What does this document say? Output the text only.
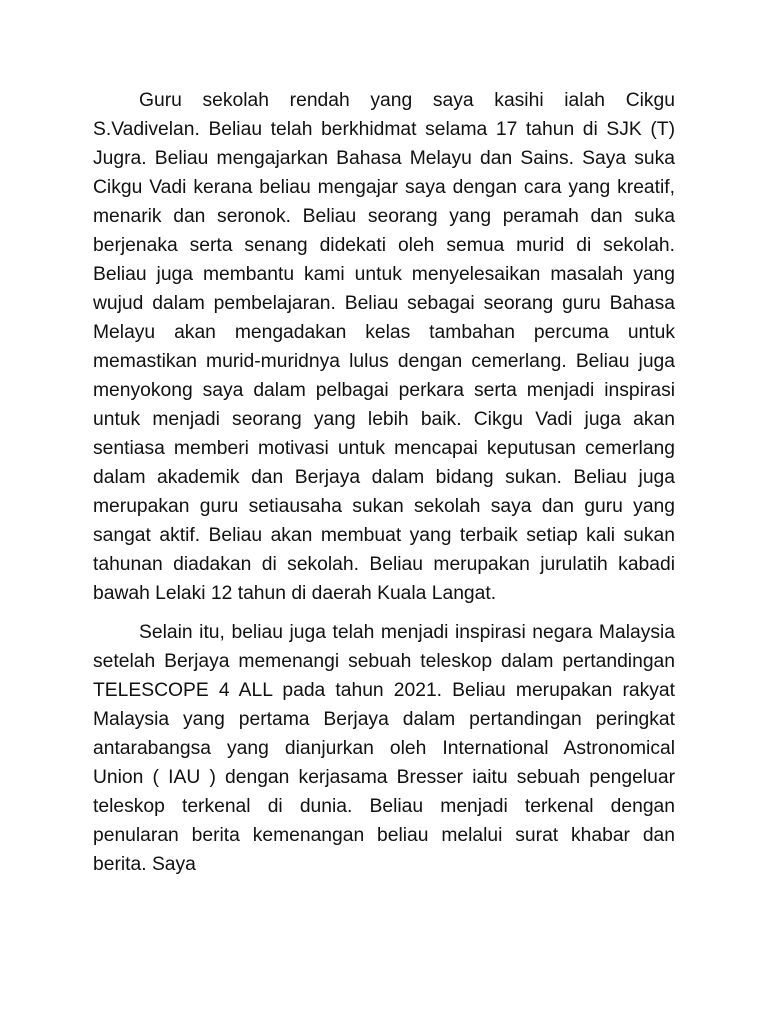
Guru sekolah rendah yang saya kasihi ialah Cikgu S.Vadivelan. Beliau telah berkhidmat selama 17 tahun di SJK (T) Jugra. Beliau mengajarkan Bahasa Melayu dan Sains. Saya suka Cikgu Vadi kerana beliau mengajar saya dengan cara yang kreatif, menarik dan seronok. Beliau seorang yang peramah dan suka berjenaka serta senang didekati oleh semua murid di sekolah. Beliau juga membantu kami untuk menyelesaikan masalah yang wujud dalam pembelajaran. Beliau sebagai seorang guru Bahasa Melayu akan mengadakan kelas tambahan percuma untuk memastikan murid-muridnya lulus dengan cemerlang. Beliau juga menyokong saya dalam pelbagai perkara serta menjadi inspirasi untuk menjadi seorang yang lebih baik. Cikgu Vadi juga akan sentiasa memberi motivasi untuk mencapai keputusan cemerlang dalam akademik dan Berjaya dalam bidang sukan. Beliau juga merupakan guru setiausaha sukan sekolah saya dan guru yang sangat aktif. Beliau akan membuat yang terbaik setiap kali sukan tahunan diadakan di sekolah. Beliau merupakan jurulatih kabadi bawah Lelaki 12 tahun di daerah Kuala Langat.

Selain itu, beliau juga telah menjadi inspirasi negara Malaysia setelah Berjaya memenangi sebuah teleskop dalam pertandingan TELESCOPE 4 ALL pada tahun 2021. Beliau merupakan rakyat Malaysia yang pertama Berjaya dalam pertandingan peringkat antarabangsa yang dianjurkan oleh International Astronomical Union ( IAU ) dengan kerjasama Bresser iaitu sebuah pengeluar teleskop terkenal di dunia. Beliau menjadi terkenal dengan penularan berita kemenangan beliau melalui surat khabar dan berita. Saya
